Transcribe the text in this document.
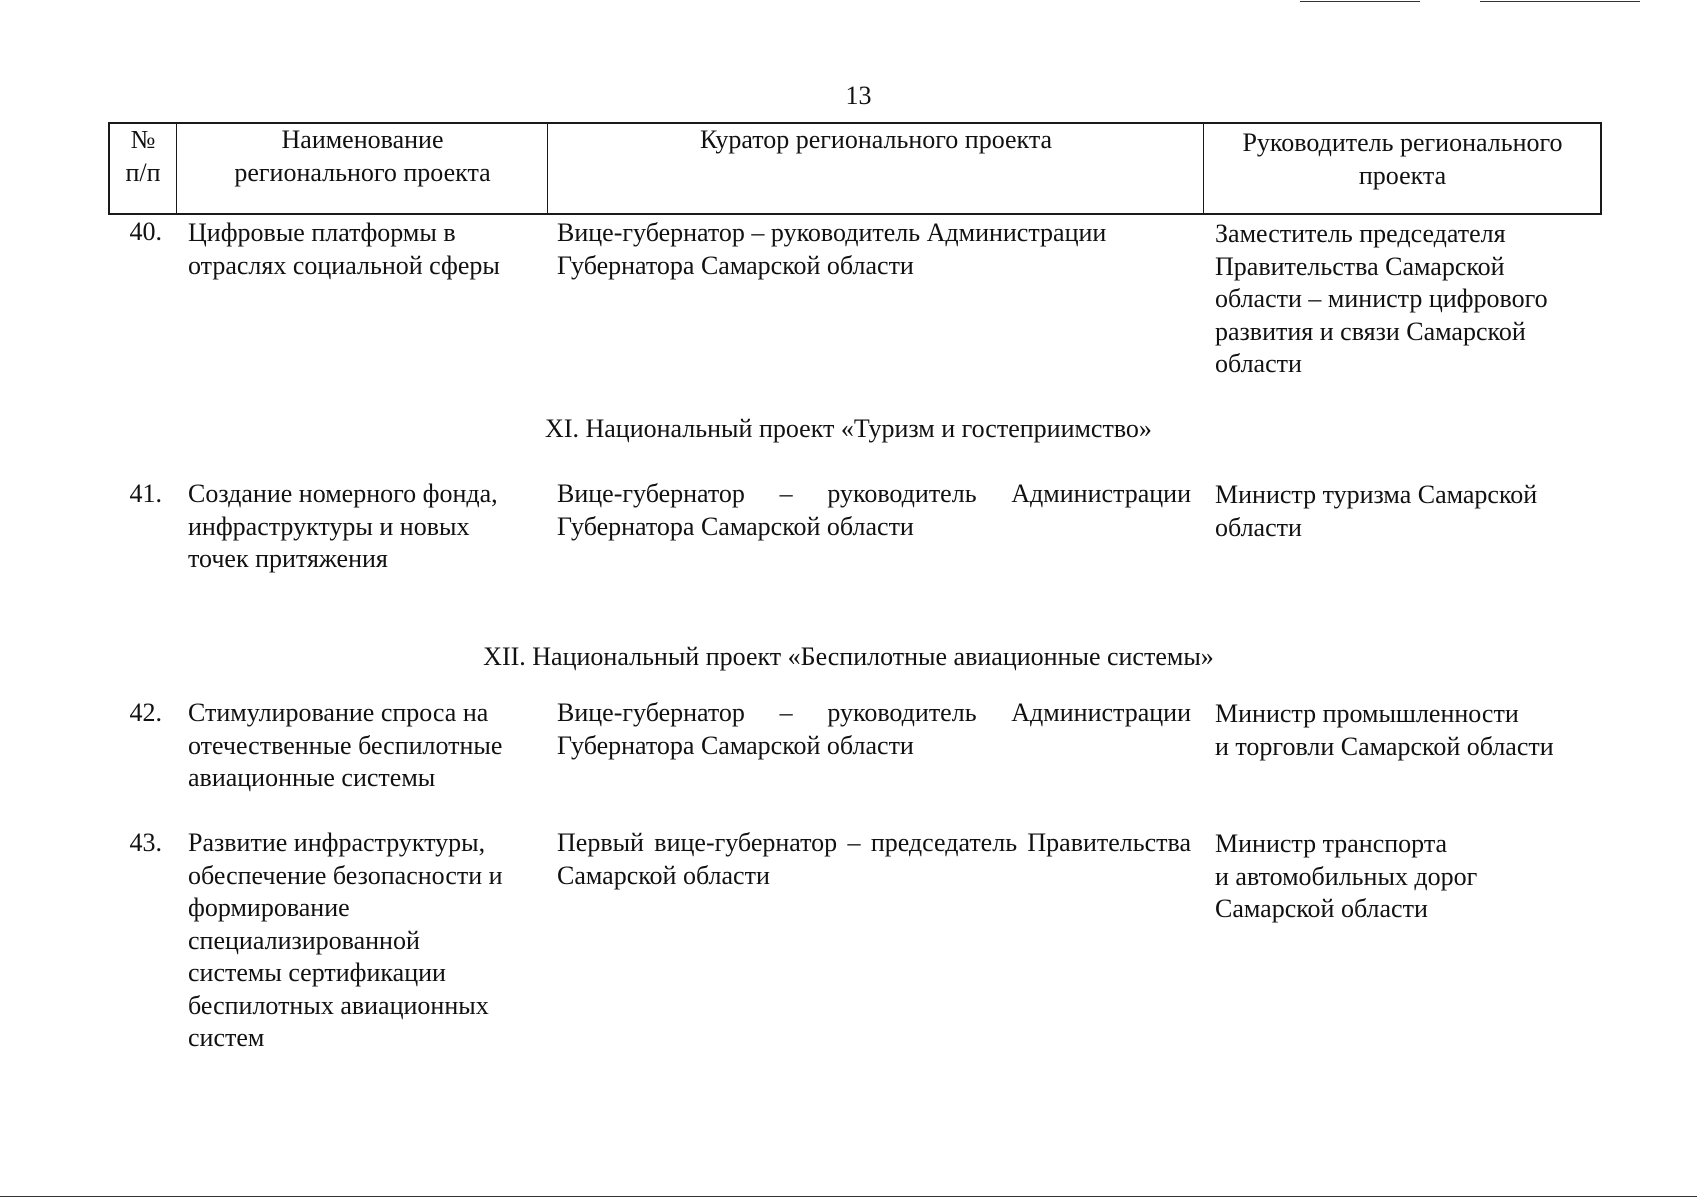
13
№
п/п
Наименование
регионального проекта
Куратор регионального проекта	Руководитель регионального
проекта
40. Цифровые платформы в
отраслях социальной сферы
Вице-губернатор – руководитель Администрации
Губернатора Самарской области
Заместитель председателя
Правительства Самарской
области – министр цифрового
развития и связи Самарской
области
XI. Национальный проект «Туризм и гостеприимство»
41. Создание номерного фонда,
инфраструктуры и новых
точек притяжения
Вице-губернатор – руководитель Администрации Губернатора Самарской области
Министр туризма Самарской
области
XII. Национальный проект «Беспилотные авиационные системы»
42. Стимулирование спроса на
отечественные беспилотные
авиационные системы
Вице-губернатор – руководитель Администрации Губернатора Самарской области
Министр промышленности
и торговли Самарской области
43. Развитие инфраструктуры,
обеспечение безопасности и
формирование
специализированной
системы сертификации
беспилотных авиационных
систем
Первый вице-губернатор – председатель Правительства Самарской области
Министр транспорта
и автомобильных дорог
Самарской области
